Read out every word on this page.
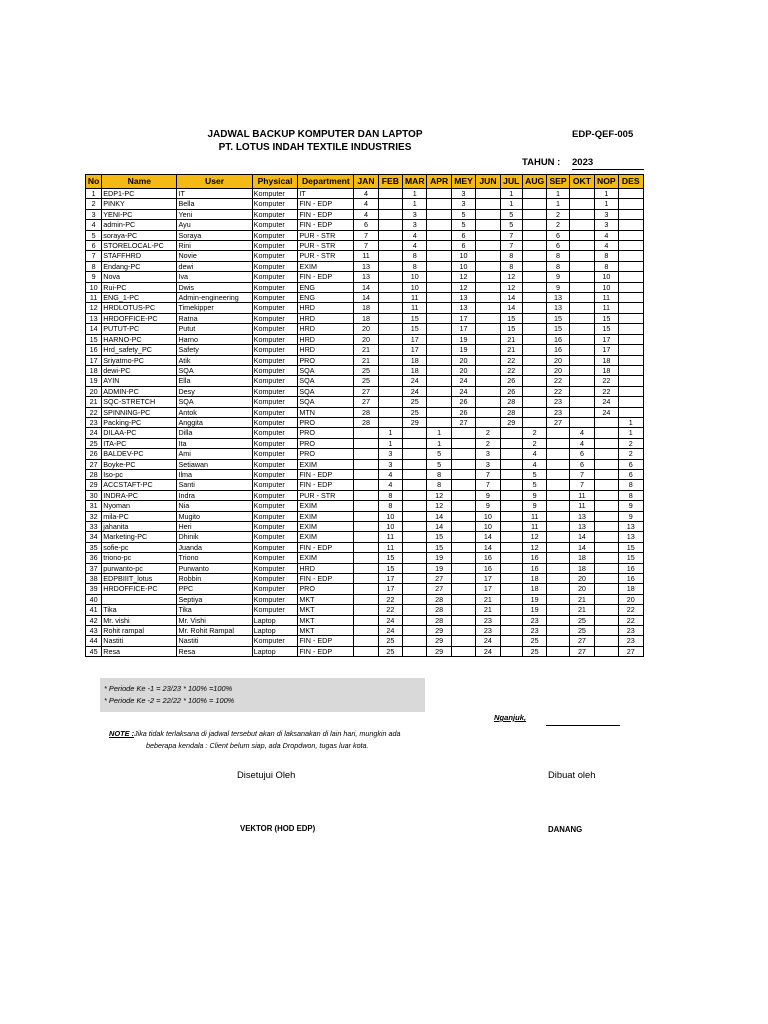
JADWAL BACKUP KOMPUTER DAN LAPTOP
PT. LOTUS INDAH TEXTILE INDUSTRIES
EDP-QEF-005
TAHUN : 2023
No	Name	User	Physical	Department	JAN	FEB	MAR	APR	MEY	JUN	JUL	AUG	SEP	OKT	NOP	DES
1	EDP1-PC	IT	Komputer	IT	4		1		3		1		1		1	
2	PINKY	Bella	Komputer	FIN - EDP	4		1		3		1		1		1	
3	YENI-PC	Yeni	Komputer	FIN - EDP	4		3		5		5		2		3	
4	admin-PC	Ayu	Komputer	FIN - EDP	6		3		5		5		2		3	
5	soraya-PC	Soraya	Komputer	PUR - STR	7		4		6		7		6		4	
6	STORELOCAL-PC	Rini	Komputer	PUR - STR	7		4		6		7		6		4	
7	STAFFHRD	Novie	Komputer	PUR - STR	11		8		10		8		8		8	
8	Endang-PC	dewi	Komputer	EXIM	13		8		10		8		8		8	
9	Nova	Iva	Komputer	FIN - EDP	13		10		12		12		9		10	
10	Rui-PC	Dwis	Komputer	ENG	14		10		12		12		9		10	
11	ENG_1-PC	Admin-engineering	Komputer	ENG	14		11		13		14		13		11	
12	HRDLOTUS-PC	Timekipper	Komputer	HRD	18		11		13		14		13		11	
13	HRDOFFICE-PC	Ratna	Komputer	HRD	18		15		17		15		15		15	
14	PUTUT-PC	Putut	Komputer	HRD	20		15		17		15		15		15	
15	HARNO-PC	Harno	Komputer	HRD	20		17		19		21		16		17	
16	Hrd_safety_PC	Safety	Komputer	HRD	21		17		19		21		16		17	
17	Sriyatmo-PC	Atik	Komputer	PRO	21		18		20		22		20		18	
18	dewi-PC	SQA	Komputer	SQA	25		18		20		22		20		18	
19	AYIN	Ella	Komputer	SQA	25		24		24		26		22		22	
20	ADMIN-PC	Desy	Komputer	SQA	27		24		24		26		22		22	
21	SQC-STRETCH	SQA	Komputer	SQA	27		25		26		28		23		24	
22	SPINNING-PC	Antok	Komputer	MTN	28		25		26		28		23		24	
23	Packing-PC	Anggita	Komputer	PRO	28		29		27		29		27			1
24	DILAA-PC	Dilla	Komputer	PRO		1		1		2		2		4		1
25	ITA-PC	Ita	Komputer	PRO		1		1		2		2		4		2
26	BALDEV-PC	Ami	Komputer	PRO		3		5		3		4		6		2
27	Boyke-PC	Setiawan	Komputer	EXIM		3		5		3		4		6		6
28	Iso-pc	Ilma	Komputer	FIN - EDP		4		8		7		5		7		6
29	ACCSTAFT-PC	Santi	Komputer	FIN - EDP		4		8		7		5		7		8
30	INDRA-PC	Indra	Komputer	PUR - STR		8		12		9		9		11		8
31	Nyoman	Nia	Komputer	EXIM		8		12		9		9		11		9
32	mila-PC	Mugito	Komputer	EXIM		10		14		10		11		13		9
33	jahanita	Heri	Komputer	EXIM		10		14		10		11		13		13
34	Marketing-PC	Dhinik	Komputer	EXIM		11		15		14		12		14		13
35	sofie-pc	Juanda	Komputer	FIN - EDP		11		15		14		12		14		15
36	triono-pc	Triono	Komputer	EXIM		15		19		16		16		18		15
37	purwanto-pc	Purwanto	Komputer	HRD		15		19		16		16		18		16
38	EDPBIIIT_lotus	Robbin	Komputer	FIN - EDP		17		27		17		18		20		16
39	HRDOFFICE-PC	PPC	Komputer	PRO		17		27		17		18		20		18
40		Septiya	Komputer	MKT		22		28		21		19		21		20
41	Tika	Tika	Komputer	MKT		22		28		21		19		21		22
42	Mr. vishi	Mr. Vishi	Laptop	MKT		24		28		23		23		25		22
43	Rohit rampal	Mr. Rohit Rampal	Laptop	MKT		24		29		23		23		25		23
44	Nastiti	Nastiti	Komputer	FIN - EDP		25		29		24		25		27		23
45	Resa	Resa	Laptop	FIN - EDP		25		29		24		25		27		27
* Periode Ke -1 = 23/23 * 100% =100%
* Periode Ke -2 = 22/22 * 100% = 100%
Nganjuk,
NOTE : Jika tidak terlaksana di jadwal tersebut akan di laksanakan di lain hari, mungkin ada
beberapa kendala : Client belum siap, ada Dropdwon, tugas luar kota.
Disetujui Oleh	Dibuat oleh
VEKTOR (HOD EDP)	DANANG
